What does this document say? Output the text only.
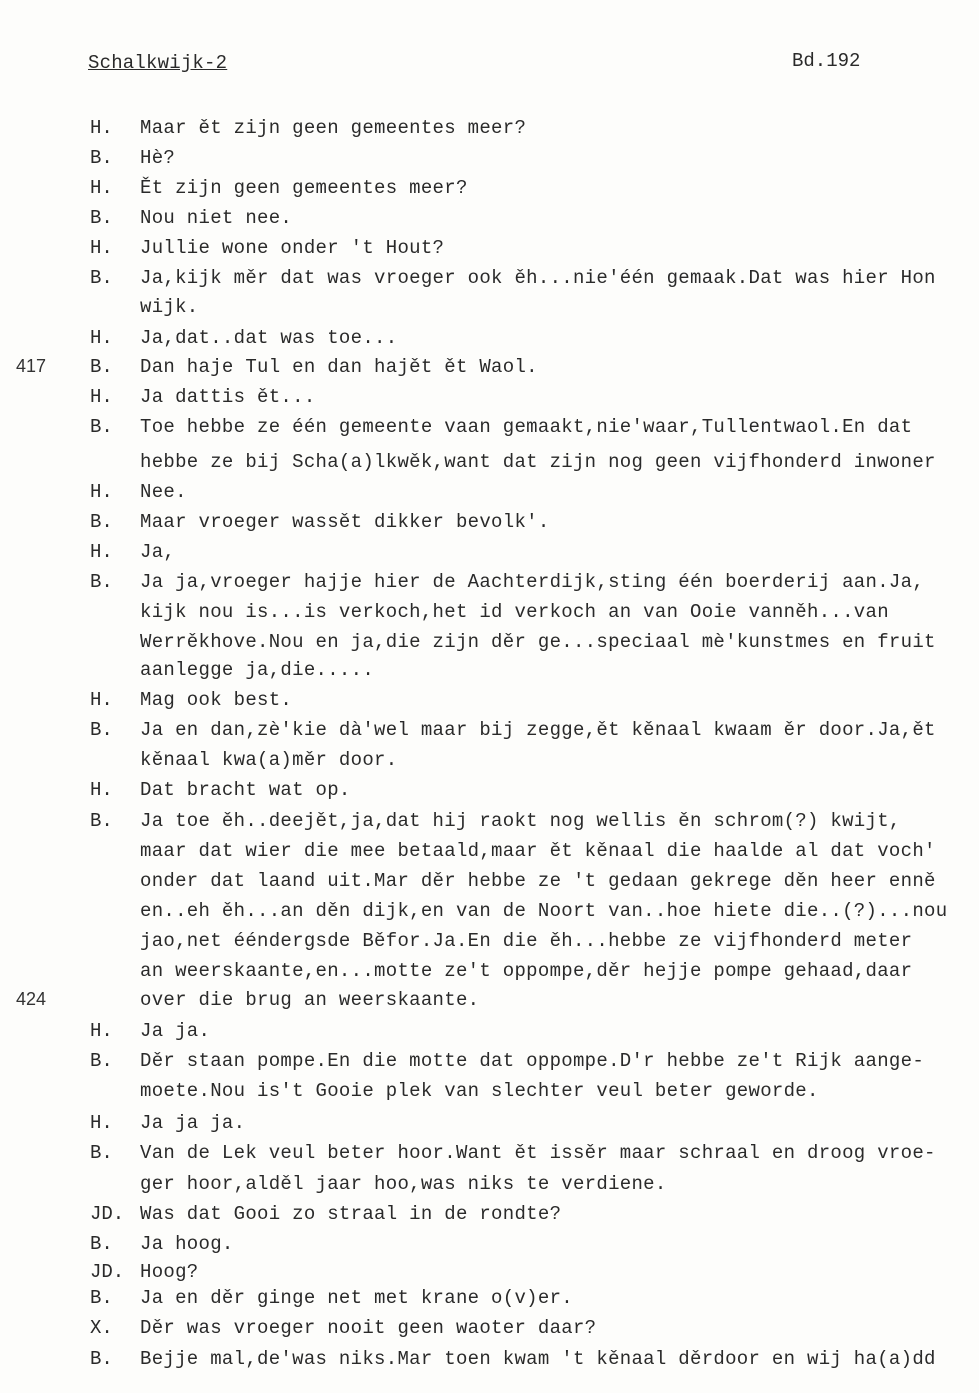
Schalkwijk-2	Bd.192
417
424
H. Maar ět zijn geen gemeentes meer?
B. Hè?
H. Ět zijn geen gemeentes meer?
B. Nou niet nee.
H. Jullie wone onder 't Hout?
B. Ja,kijk měr dat was vroeger ook ěh...nie'één gemaak.Dat was hier Hon
wijk.
H. Ja,dat..dat was toe...
B. Dan haje Tul en dan hajět ět Waol.
H. Ja dattis ět...
B. Toe hebbe ze één gemeente vaan gemaakt,nie'waar,Tullentwaol.En dat
hebbe ze bij Scha(a)lkwěk,want dat zijn nog geen vijfhonderd inwoner
H. Nee.
B. Maar vroeger wassět dikker bevolk'.
H. Ja,
B. Ja ja,vroeger hajje hier de Aachterdijk,sting één boerderij aan.Ja,
kijk nou is...is verkoch,het id verkoch an van Ooie vanněh...van
Werrěkhove.Nou en ja,die zijn děr ge...speciaal mè'kunstmes en fruit
aanlegge ja,die.....
H. Mag ook best.
B. Ja en dan,zè'kie dà'wel maar bij zegge,ět kěnaal kwaam ěr door.Ja,ět
kěnaal kwa(a)měr door.
H. Dat bracht wat op.
B. Ja toe ěh..deejět,ja,dat hij raokt nog wellis ěn schrom(?) kwijt,
maar dat wier die mee betaald,maar ět kěnaal die haalde al dat voch'
onder dat laand uit.Mar děr hebbe ze 't gedaan gekrege děn heer enně
en..eh ěh...an děn dijk,en van de Noort van..hoe hiete die..(?)...nou
jao,net ééndergsde Běfor.Ja.En die ěh...hebbe ze vijfhonderd meter
an weerskaante,en...motte ze't oppompe,děr hejje pompe gehaad,daar
over die brug an weerskaante.
H. Ja ja.
B. Děr staan pompe.En die motte dat oppompe.D'r hebbe ze't Rijk aange-
moete.Nou is't Gooie plek van slechter veul beter geworde.
H. Ja ja ja.
B. Van de Lek veul beter hoor.Want ět issěr maar schraal en droog vroe-
ger hoor,alděl jaar hoo,was niks te verdiene.
JD. Was dat Gooi zo straal in de rondte?
B. Ja hoog.
JD. Hoog?
B. Ja en děr ginge net met krane o(v)er.
X. Děr was vroeger nooit geen waoter daar?
B. Bejje mal,de'was niks.Mar toen kwam 't kěnaal děrdoor en wij ha(a)dd
